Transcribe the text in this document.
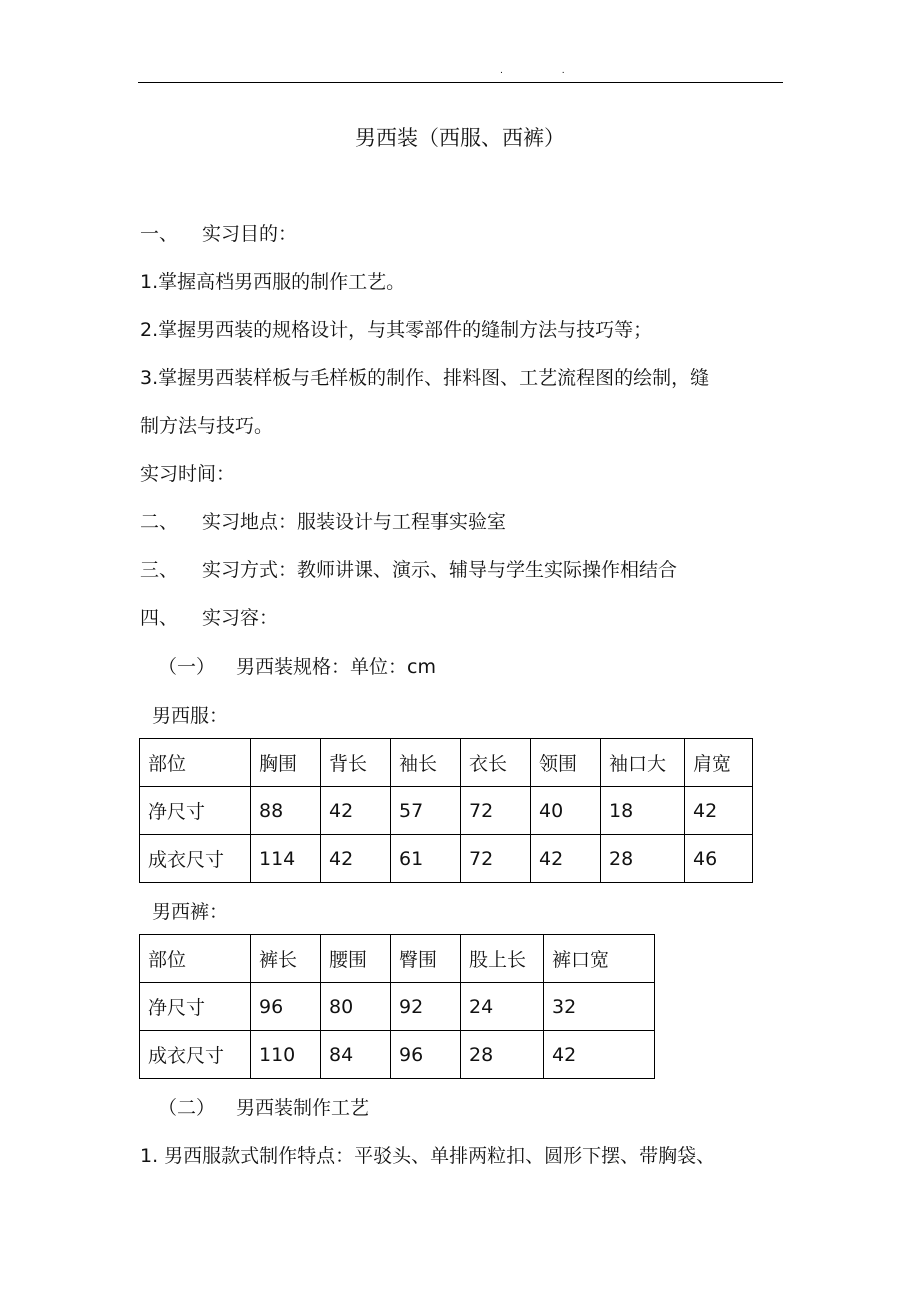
. .
男西装（西服、西裤）
一、 实习目的：
1.掌握高档男西服的制作工艺。
2.掌握男西装的规格设计，与其零部件的缝制方法与技巧等；
3.掌握男西装样板与毛样板的制作、排料图、工艺流程图的绘制，缝
制方法与技巧。
实习时间：
二、 实习地点：服装设计与工程事实验室
三、 实习方式：教师讲课、演示、辅导与学生实际操作相结合
四、 实习容：
（一） 男西装规格：单位：cm
男西服：
部位	胸围	背长	袖长	衣长	领围	袖口大	肩宽
净尺寸	88	42	57	72	40	18	42
成衣尺寸	114	42	61	72	42	28	46
男西裤：
部位	裤长	腰围	臀围	股上长	裤口宽
净尺寸	96	80	92	24	32
成衣尺寸	110	84	96	28	42
（二） 男西装制作工艺
1. 男西服款式制作特点：平驳头、单排两粒扣、圆形下摆、带胸袋、
